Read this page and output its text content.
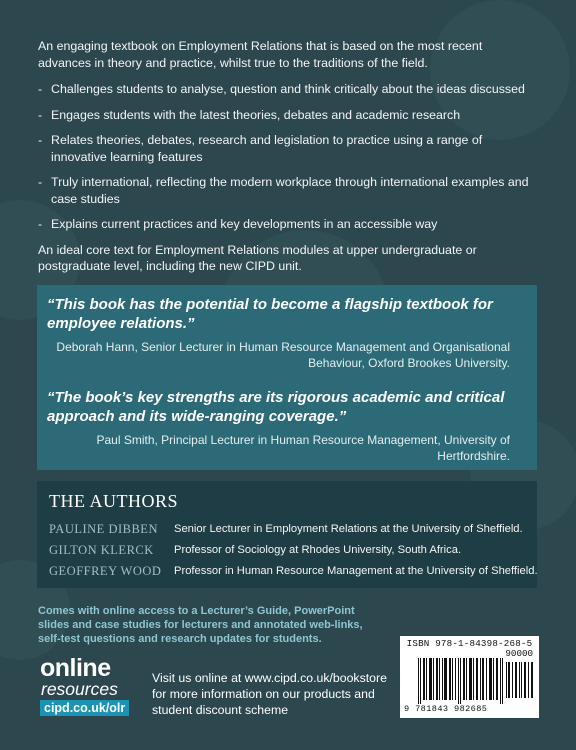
An engaging textbook on Employment Relations that is based on the most recent advances in theory and practice, whilst true to the traditions of the field.

- Challenges students to analyse, question and think critically about the ideas discussed
- Engages students with the latest theories, debates and academic research
- Relates theories, debates, research and legislation to practice using a range of innovative learning features
- Truly international, reflecting the modern workplace through international examples and case studies
- Explains current practices and key developments in an accessible way

An ideal core text for Employment Relations modules at upper undergraduate or postgraduate level, including the new CIPD unit.

“This book has the potential to become a flagship textbook for employee relations.”
Deborah Hann, Senior Lecturer in Human Resource Management and Organisational Behaviour, Oxford Brookes University.
“The book’s key strengths are its rigorous academic and critical approach and its wide-ranging coverage.”
Paul Smith, Principal Lecturer in Human Resource Management, University of Hertfordshire.
THE AUTHORS
PAULINE DIBBEN	Senior Lecturer in Employment Relations at the University of Sheffield.
GILTON KLERCK	Professor of Sociology at Rhodes University, South Africa.
GEOFFREY WOOD	Professor in Human Resource Management at the University of Sheffield.
Comes with online access to a Lecturer’s Guide, PowerPoint slides and case studies for lecturers and annotated web-links, self-test questions and research updates for students.
online
resources
cipd.co.uk/olr
Visit us online at www.cipd.co.uk/bookstore for more information on our products and student discount scheme
ISBN 978-1-84398-268-5
90000
9 781843 982685
